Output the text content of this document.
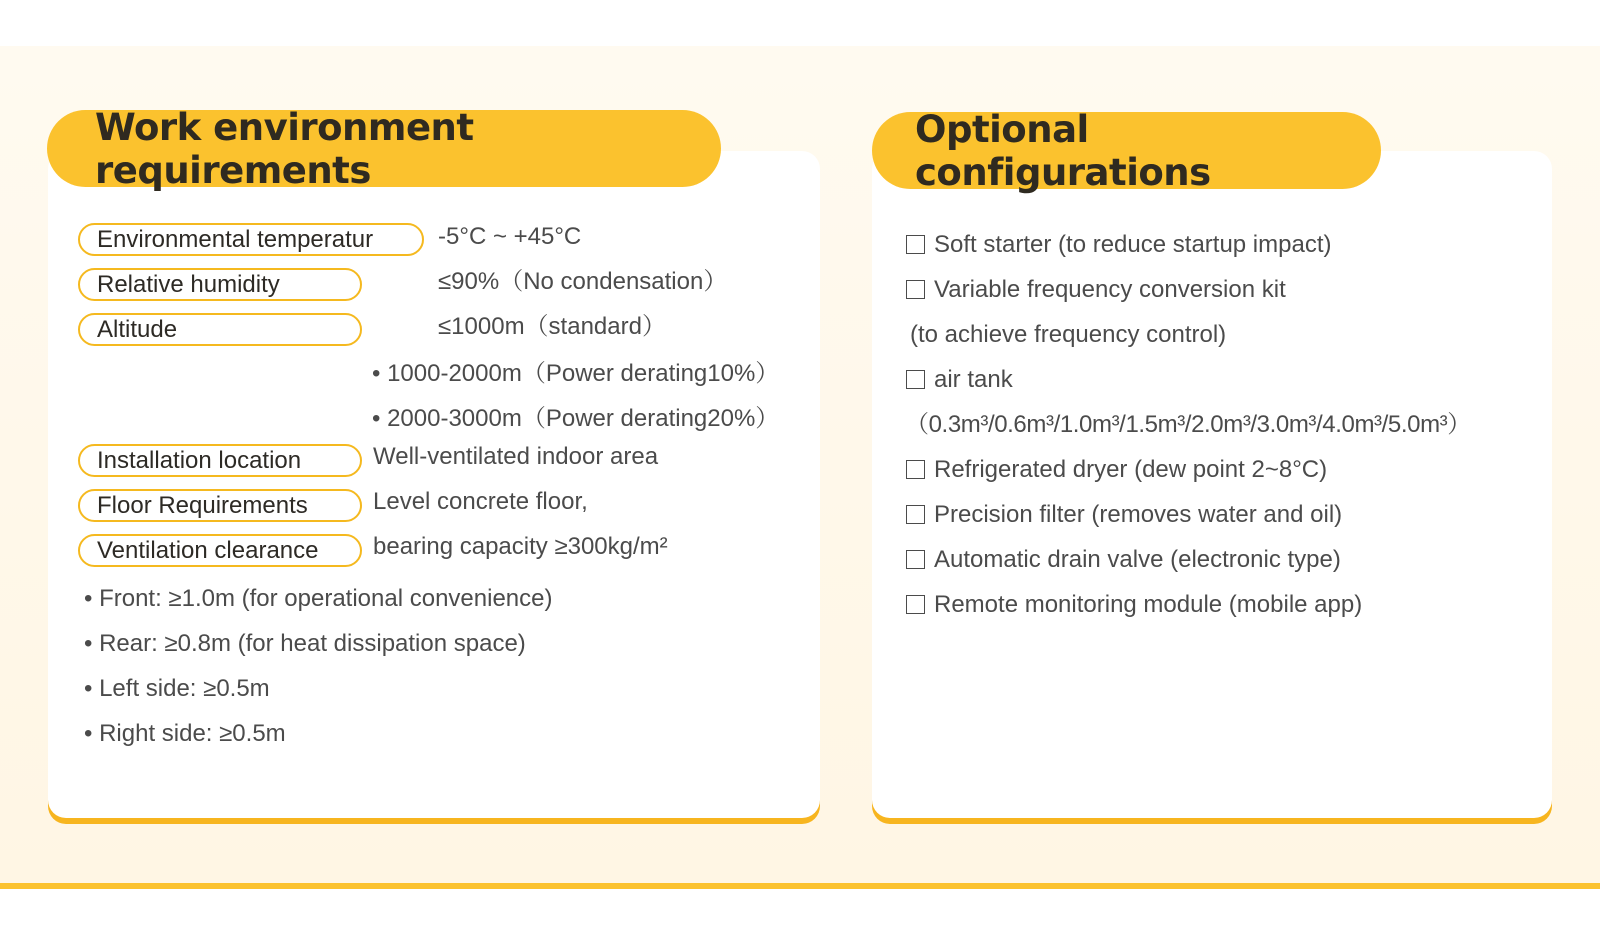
Work environment requirements
Environmental temperatur	-5°C ~ +45°C
Relative humidity	≤90%（No condensation）
Altitude	≤1000m（standard）
• 1000-2000m（Power derating10%）
• 2000-3000m（Power derating20%）
Installation location	Well-ventilated indoor area
Floor Requirements	Level concrete floor,
Ventilation clearance	bearing capacity ≥300kg/m²
• Front: ≥1.0m (for operational convenience)
• Rear: ≥0.8m (for heat dissipation space)
• Left side: ≥0.5m
• Right side: ≥0.5m
Optional configurations
Soft starter (to reduce startup impact)
Variable frequency conversion kit
(to achieve frequency control)
air tank
（0.3m³/0.6m³/1.0m³/1.5m³/2.0m³/3.0m³/4.0m³/5.0m³）
Refrigerated dryer (dew point 2~8°C)
Precision filter (removes water and oil)
Automatic drain valve (electronic type)
Remote monitoring module (mobile app)
